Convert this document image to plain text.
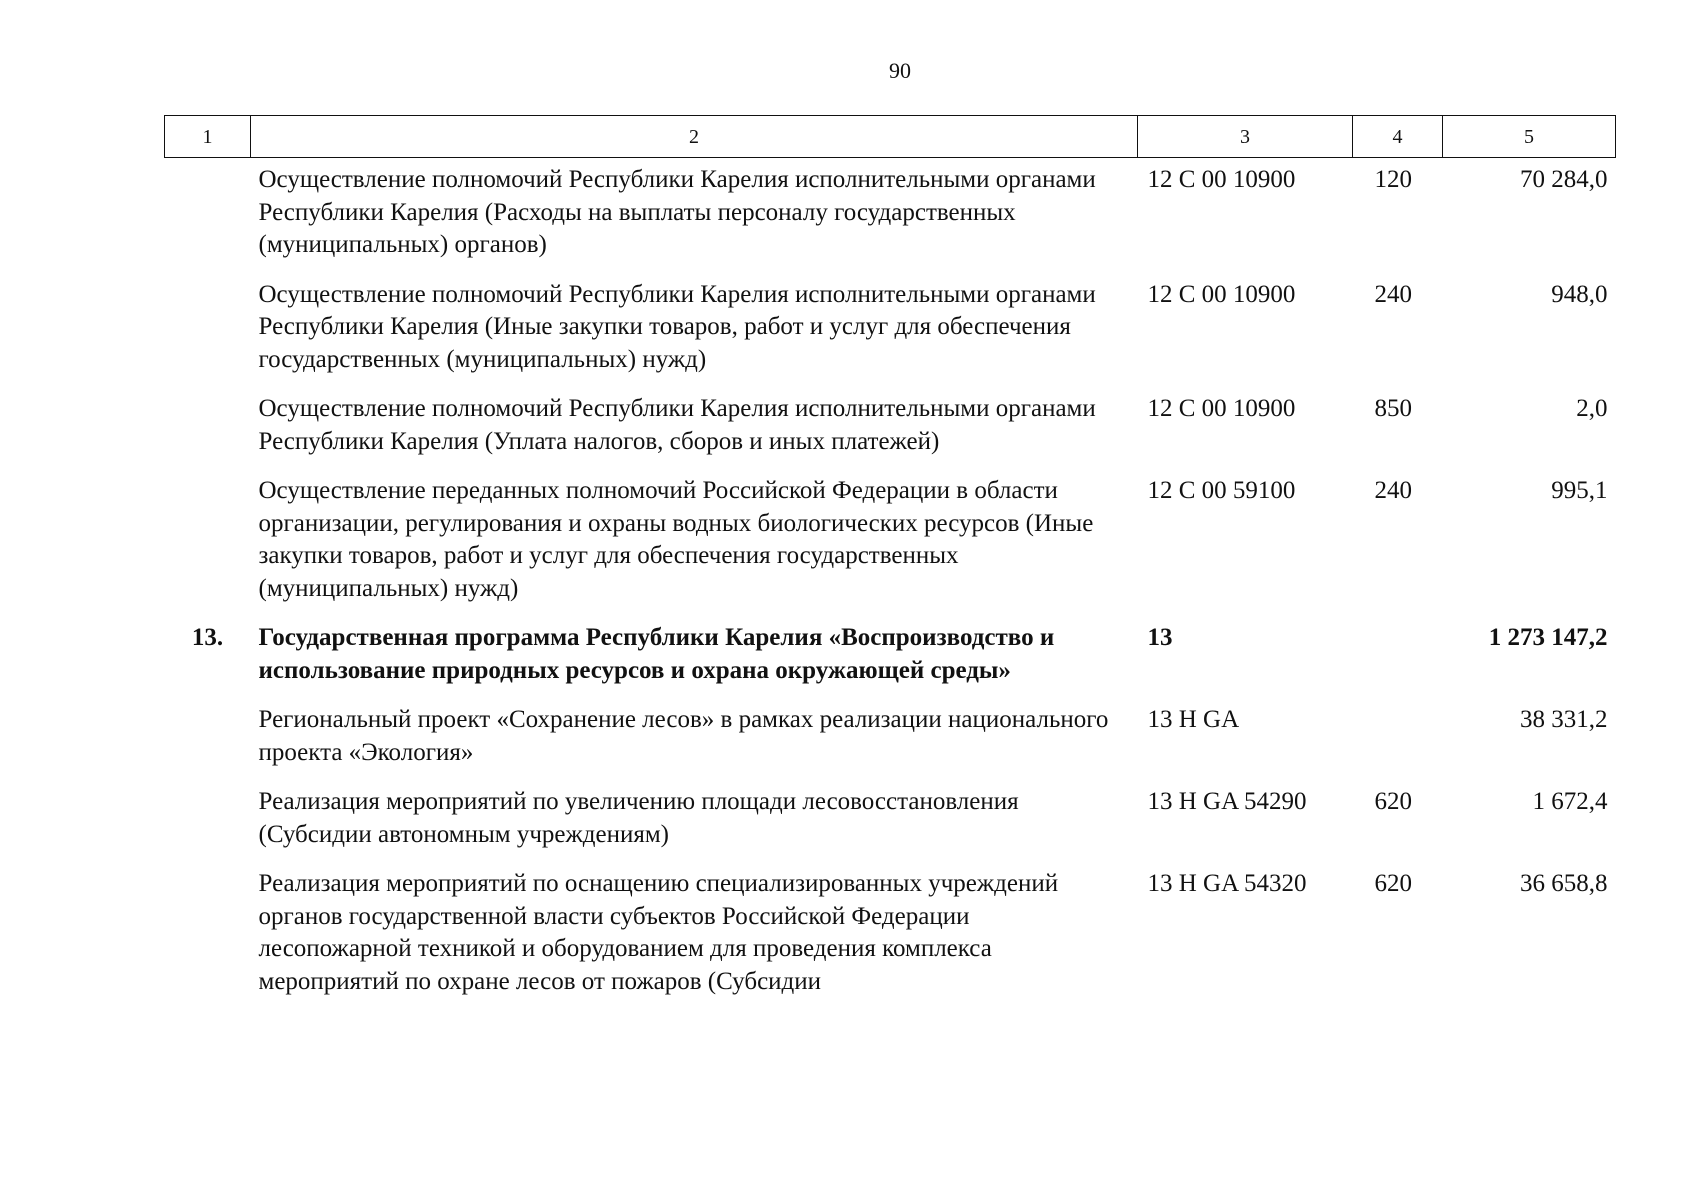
90
1	2	3	4	5
	Осуществление полномочий Республики Карелия исполнительными органами Республики Карелия (Расходы на выплаты персоналу государственных (муниципальных) органов)	12 С 00 10900	120	70 284,0
	Осуществление полномочий Республики Карелия исполнительными органами Республики Карелия (Иные закупки товаров, работ и услуг для обеспечения государственных (муниципальных) нужд)	12 С 00 10900	240	948,0
	Осуществление полномочий Республики Карелия исполнительными органами Республики Карелия (Уплата налогов, сборов и иных платежей)	12 С 00 10900	850	2,0
	Осуществление переданных полномочий Российской Федерации в области организации, регулирования и охраны водных биологических ресурсов (Иные закупки товаров, работ и услуг для обеспечения государственных (муниципальных) нужд)	12 С 00 59100	240	995,1
13.	Государственная программа Республики Карелия «Воспроизводство и использование природных ресурсов и охрана окружающей среды»	13		1 273 147,2
	Региональный проект «Сохранение лесов» в рамках реализации национального проекта «Экология»	13 Н GA		38 331,2
	Реализация мероприятий по увеличению площади лесовосстановления (Субсидии автономным учреждениям)	13 Н GA 54290	620	1 672,4
	Реализация мероприятий по оснащению специализированных учреждений органов государственной власти субъектов Российской Федерации лесопожарной техникой и оборудованием для проведения комплекса мероприятий по охране лесов от пожаров (Субсидии	13 Н GA 54320	620	36 658,8
